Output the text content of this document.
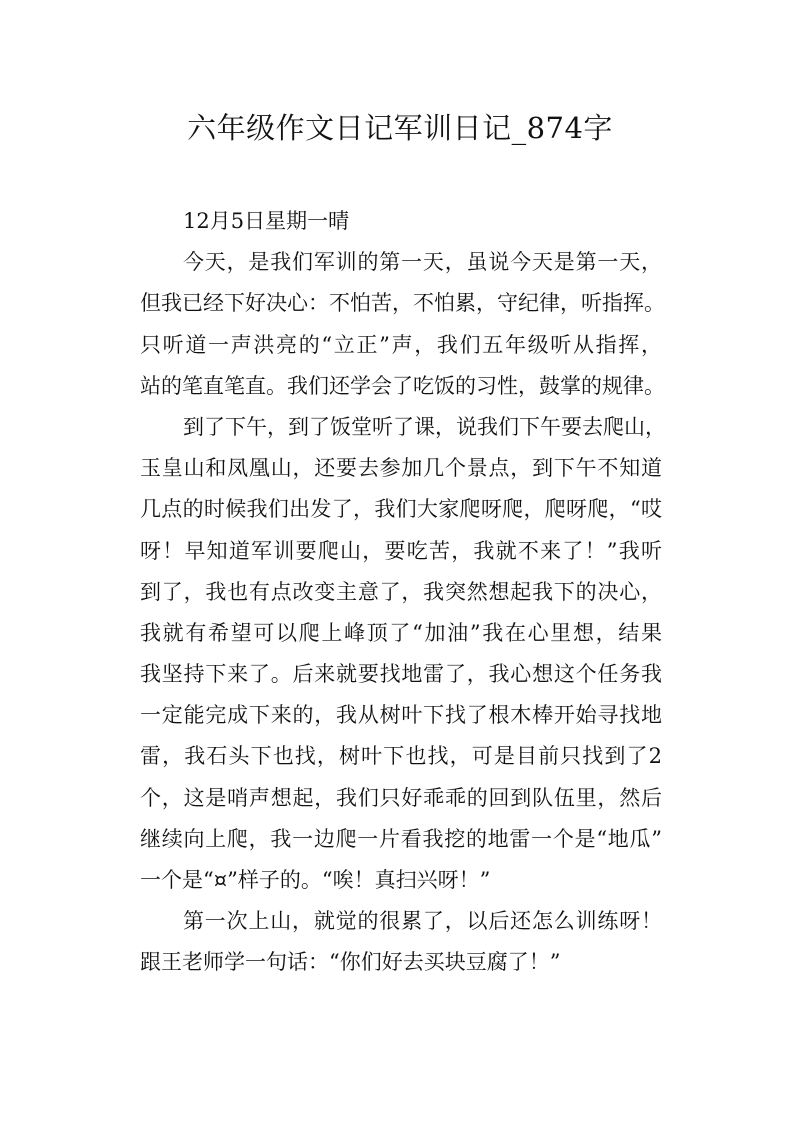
六年级作文日记军训日记_874字
12月5日星期一晴
今天，是我们军训的第一天，虽说今天是第一天，
但我已经下好决心：不怕苦，不怕累，守纪律，听指挥。
只听道一声洪亮的“立正”声，我们五年级听从指挥，
站的笔直笔直。我们还学会了吃饭的习性，鼓掌的规律。
到了下午，到了饭堂听了课，说我们下午要去爬山，
玉皇山和凤凰山，还要去参加几个景点，到下午不知道
几点的时候我们出发了，我们大家爬呀爬，爬呀爬，“哎
呀！早知道军训要爬山，要吃苦，我就不来了！”我听
到了，我也有点改变主意了，我突然想起我下的决心，
我就有希望可以爬上峰顶了“加油”我在心里想，结果
我坚持下来了。后来就要找地雷了，我心想这个任务我
一定能完成下来的，我从树叶下找了根木棒开始寻找地
雷，我石头下也找，树叶下也找，可是目前只找到了2
个，这是哨声想起，我们只好乖乖的回到队伍里，然后
继续向上爬，我一边爬一片看我挖的地雷一个是“地瓜”
一个是“¤”样子的。“唉！真扫兴呀！”
第一次上山，就觉的很累了，以后还怎么训练呀！
跟王老师学一句话：“你们好去买块豆腐了！”
